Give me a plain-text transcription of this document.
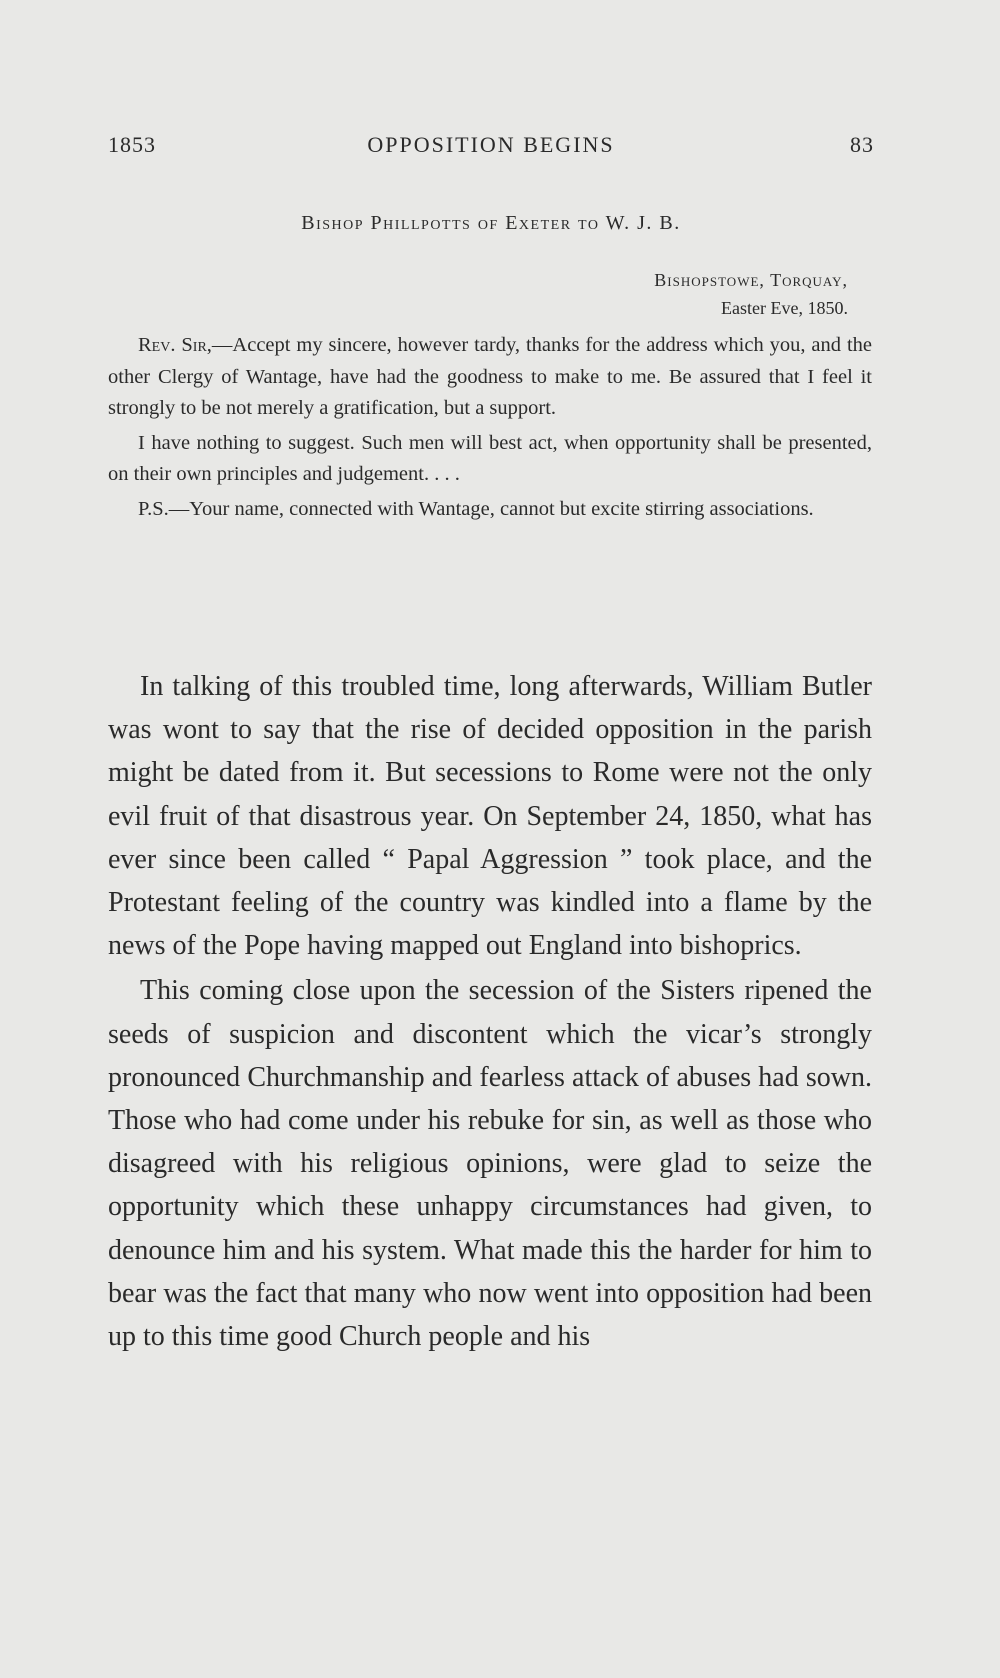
1853	OPPOSITION BEGINS	83
Bishop Phillpotts of Exeter to W. J. B.
Bishopstowe, Torquay,
Easter Eve, 1850.

Rev. Sir,—Accept my sincere, however tardy, thanks for the address which you, and the other Clergy of Wantage, have had the goodness to make to me. Be assured that I feel it strongly to be not merely a gratification, but a support.

I have nothing to suggest. Such men will best act, when opportunity shall be presented, on their own principles and judgement. . . .

P.S.—Your name, connected with Wantage, cannot but excite stirring associations.

In talking of this troubled time, long afterwards, William Butler was wont to say that the rise of decided opposition in the parish might be dated from it. But secessions to Rome were not the only evil fruit of that disastrous year. On September 24, 1850, what has ever since been called “ Papal Aggression ” took place, and the Protestant feeling of the country was kindled into a flame by the news of the Pope having mapped out England into bishoprics.

This coming close upon the secession of the Sisters ripened the seeds of suspicion and discontent which the vicar’s strongly pronounced Churchmanship and fearless attack of abuses had sown. Those who had come under his rebuke for sin, as well as those who disagreed with his religious opinions, were glad to seize the opportunity which these unhappy circumstances had given, to denounce him and his system. What made this the harder for him to bear was the fact that many who now went into opposition had been up to this time good Church people and his
